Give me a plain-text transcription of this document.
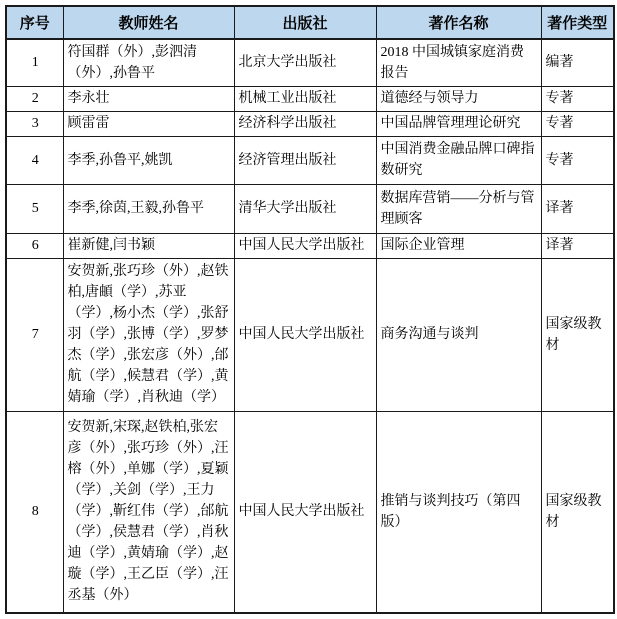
序号	教师姓名	出版社	著作名称	著作类型
1	符国群（外）,彭泗清（外）,孙鲁平	北京大学出版社	2018 中国城镇家庭消费报告	编著
2	李永壮	机械工业出版社	道德经与领导力	专著
3	顾雷雷	经济科学出版社	中国品牌管理理论研究	专著
4	李季,孙鲁平,姚凯	经济管理出版社	中国消费金融品牌口碑指数研究	专著
5	李季,徐茵,王毅,孙鲁平	清华大学出版社	数据库营销——分析与管理顾客	译著
6	崔新健,闫书颖	中国人民大学出版社	国际企业管理	译著
7	安贺新,张巧珍（外）,赵铁柏,唐頔（学）,苏亚（学）,杨小杰（学）,张舒羽（学）,张博（学）,罗梦杰（学）,张宏彦（外）,邰航（学）,候慧君（学）,黄婧瑜（学）,肖秋迪（学）	中国人民大学出版社	商务沟通与谈判	国家级教材
8	安贺新,宋琛,赵铁柏,张宏彦（外）,张巧珍（外）,汪榕（外）,单娜（学）,夏颖（学）,关剑（学）,王力（学）,靳红伟（学）,邰航（学）,侯慧君（学）,肖秋迪（学）,黄婧瑜（学）,赵璇（学）,王乙臣（学）,汪丞基（外）	中国人民大学出版社	推销与谈判技巧（第四版）	国家级教材
